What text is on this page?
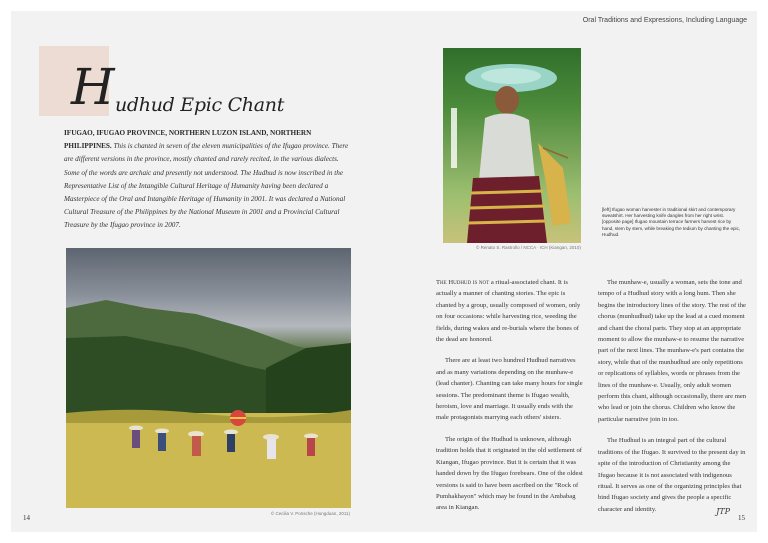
H udhud Epic Chant
IFUGAO, IFUGAO PROVINCE, NORTHERN LUZON ISLAND, NORTHERN PHILIPPINES. This is chanted in seven of the eleven municipalities of the Ifugao province. There are different versions in the province, mostly chanted and rarely recited, in the various dialects. Some of the words are archaic and presently not understood. The Hudhud is now inscribed in the Representative List of the Intangible Cultural Heritage of Humanity having been declared a Masterpiece of the Oral and Intangible Heritage of Humanity in 2001. It was declared a National Cultural Treasure of the Philippines by the National Museum in 2001 and a Provincial Cultural Treasure by the Ifugao province in 2007.
© Cecilia V. Ponsche (Hungduan, 2011)
14
Oral Traditions and Expressions, Including Language
© Renato S. Rastrollo / NCCA · ICH (Kiangan, 2010)
[left] Ifugao woman harvester in traditional skirt and contemporary sweatshirt. Her harvesting knife dangles from her right wrist. [opposite page] Ifugao mountain terrace farmers harvest rice by hand, stem by stem, while breaking the tedium by chanting the epic, Hudhud.

The Hudhud is not a ritual-associated chant. It is actually a manner of chanting stories. The epic is chanted by a group, usually composed of women, only on four occasions: while harvesting rice, weeding the fields, during wakes and re-burials where the bones of the dead are honored.

There are at least two hundred Hudhud narratives and as many variations depending on the munhaw-e (lead chanter). Chanting can take many hours for single sessions. The predominant theme is Ifugao wealth, heroism, love and marriage. It usually ends with the male protagonists marrying each others' sisters.

The origin of the Hudhud is unknown, although tradition holds that it originated in the old settlement of Kiangan, Ifugao province. But it is certain that it was handed down by the Ifugao forebears. One of the oldest versions is said to have been ascribed on the "Rock of Pumhakhayon" which may be found in the Ambabag area in Kiangan.

The munhaw-e, usually a woman, sets the tone and tempo of a Hudhud story with a long hum. Then she begins the introductory lines of the story. The rest of the chorus (munhudhud) take up the lead at a cued moment and chant the choral parts. They stop at an appropriate moment to allow the munhaw-e to resume the narrative part of the next lines. The munhaw-e's part contains the story, while that of the munhudhud are only repetitions or replications of syllables, words or phrases from the lines of the munhaw-e. Usually, only adult women perform this chant, although occasionally, there are men who lead or join the chorus. Children who know the particular narrative join in too.

The Hudhud is an integral part of the cultural traditions of the Ifugao. It survived to the present day in spite of the introduction of Christianity among the Ifugao because it is not associated with indigenous ritual. It serves as one of the organizing principles that bind Ifugao society and gives the people a specific character and identity.	JTP
15
